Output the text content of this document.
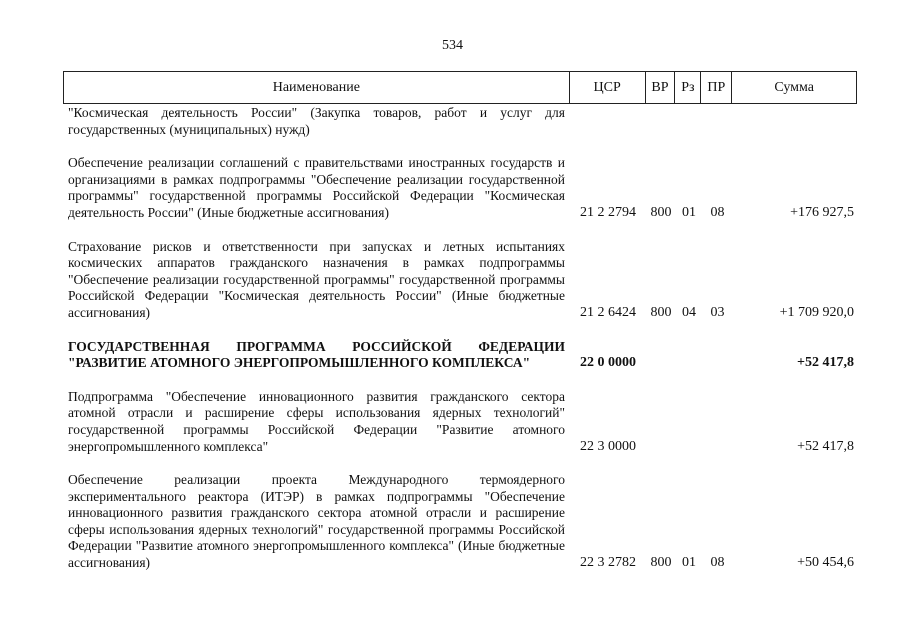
534
Наименование	ЦСР	ВР Рз ПР	Сумма
"Космическая деятельность России" (Закупка товаров, работ и услуг для государственных (муниципальных) нужд)
Обеспечение реализации соглашений с правительствами иностранных государств и организациями в рамках подпрограммы "Обеспечение реализации государственной программы" государственной программы Российской Федерации "Космическая деятельность России" (Иные бюджетные ассигнования)	21 2 2794	800 01	08	+176 927,5
Страхование рисков и ответственности при запусках и летных испытаниях космических аппаратов гражданского назначения в рамках подпрограммы "Обеспечение реализации государственной программы" государственной программы Российской Федерации "Космическая деятельность России" (Иные бюджетные ассигнования)	21 2 6424	800 04	03	+1 709 920,0
ГОСУДАРСТВЕННАЯ ПРОГРАММА РОССИЙСКОЙ ФЕДЕРАЦИИ "РАЗВИТИЕ АТОМНОГО ЭНЕРГОПРОМЫШЛЕННОГО КОМПЛЕКСА"	22 0 0000	+52 417,8
Подпрограмма "Обеспечение инновационного развития гражданского сектора атомной отрасли и расширение сферы использования ядерных технологий" государственной программы Российской Федерации "Развитие атомного энергопромышленного комплекса"	22 3 0000	+52 417,8
Обеспечение реализации проекта Международного термоядерного экспериментального реактора (ИТЭР) в рамках подпрограммы "Обеспечение инновационного развития гражданского сектора атомной отрасли и расширение сферы использования ядерных технологий" государственной программы Российской Федерации "Развитие атомного энергопромышленного комплекса" (Иные бюджетные ассигнования)	22 3 2782	800 01	08	+50 454,6
